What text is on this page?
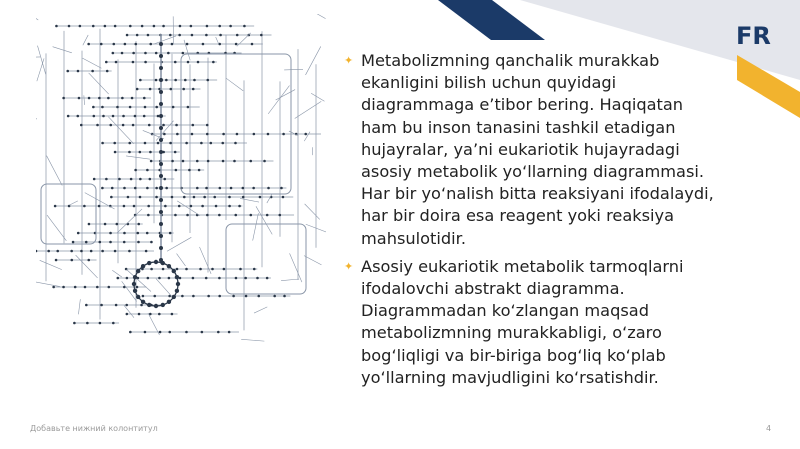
FR

✦ Metabolizmning qanchalik murakkab ekanligini bilish uchun quyidagi diagrammaga e’tibor bering. Haqiqatan ham bu inson tanasini tashkil etadigan hujayralar, ya’ni eukariotik hujayradagi asosiy metabolik yo‘llarning diagrammasi. Har bir yo‘nalish bitta reaksiyani ifodalaydi, har bir doira esa reagent yoki reaksiya mahsulotidir.

✦ Asosiy eukariotik metabolik tarmoqlarni ifodalovchi abstrakt diagramma. Diagrammadan ko‘zlangan maqsad metabolizmning murakkabligi, o‘zaro bog‘liqligi va bir-biriga bog‘liq ko‘plab yo‘llarning mavjudligini ko‘rsatishdir.

Добавьте нижний колонтитул	4
